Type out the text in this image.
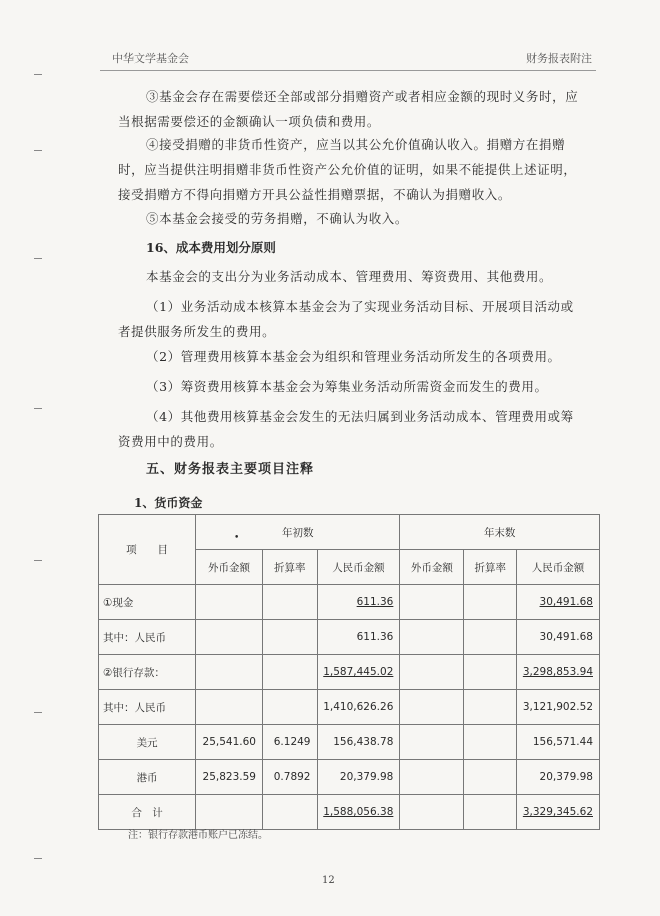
中华文学基金会	财务报表附注
③基金会存在需要偿还全部或部分捐赠资产或者相应金额的现时义务时，应当根据需要偿还的金额确认一项负债和费用。
④接受捐赠的非货币性资产，应当以其公允价值确认收入。捐赠方在捐赠时，应当提供注明捐赠非货币性资产公允价值的证明，如果不能提供上述证明，接受捐赠方不得向捐赠方开具公益性捐赠票据，不确认为捐赠收入。
⑤本基金会接受的劳务捐赠，不确认为收入。
16、成本费用划分原则
本基金会的支出分为业务活动成本、管理费用、筹资费用、其他费用。
（1）业务活动成本核算本基金会为了实现业务活动目标、开展项目活动或者提供服务所发生的费用。
（2）管理费用核算本基金会为组织和管理业务活动所发生的各项费用。
（3）筹资费用核算本基金会为筹集业务活动所需资金而发生的费用。
（4）其他费用核算基金会发生的无法归属到业务活动成本、管理费用或筹资费用中的费用。
五、财务报表主要项目注释
1、货币资金
项　　目	年初数			年末数		
	外币金额	折算率	人民币金额	外币金额	折算率	人民币金额
①现金			611.36			30,491.68
其中：人民币			611.36			30,491.68
②银行存款：			1,587,445.02			3,298,853.94
其中：人民币			1,410,626.26			3,121,902.52
美元	25,541.60	6.1249	156,438.78			156,571.44
港币	25,823.59	0.7892	20,379.98			20,379.98
合　计			1,588,056.38			3,329,345.62
•
注：银行存款港币账户已冻结。
12
